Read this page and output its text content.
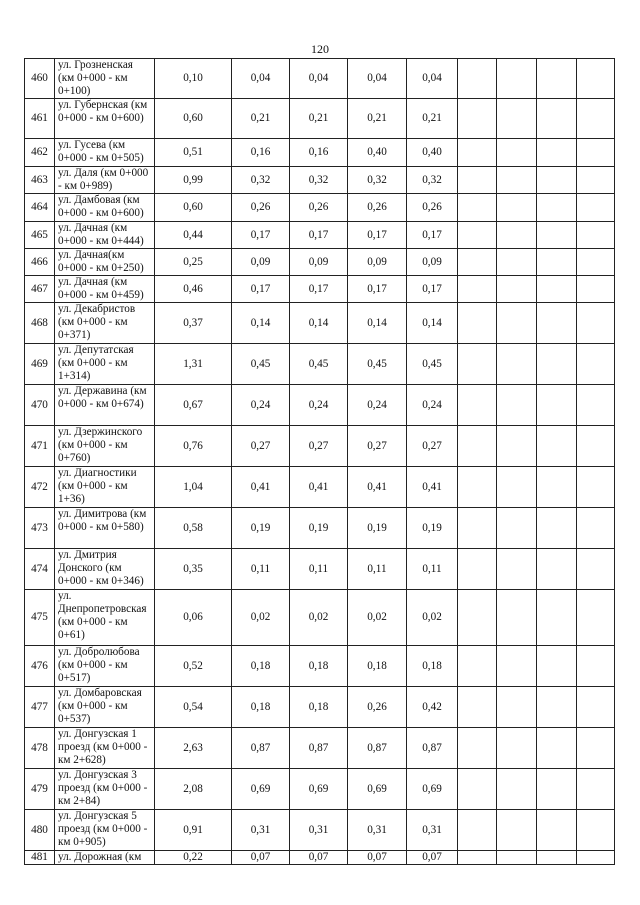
120
460	ул. Грозненская (км 0+000 - км 0+100)	0,10	0,04	0,04	0,04	0,04				
461	ул. Губернская (км 0+000 - км 0+600)	0,60	0,21	0,21	0,21	0,21				
462	ул. Гусева (км 0+000 - км 0+505)	0,51	0,16	0,16	0,40	0,40				
463	ул. Даля (км 0+000 - км 0+989)	0,99	0,32	0,32	0,32	0,32				
464	ул. Дамбовая (км 0+000 - км 0+600)	0,60	0,26	0,26	0,26	0,26				
465	ул. Дачная (км 0+000 - км 0+444)	0,44	0,17	0,17	0,17	0,17				
466	ул. Дачная(км 0+000 - км 0+250)	0,25	0,09	0,09	0,09	0,09				
467	ул. Дачная (км 0+000 - км 0+459)	0,46	0,17	0,17	0,17	0,17				
468	ул. Декабристов (км 0+000 - км 0+371)	0,37	0,14	0,14	0,14	0,14				
469	ул. Депутатская (км 0+000 - км 1+314)	1,31	0,45	0,45	0,45	0,45				
470	ул. Державина (км 0+000 - км 0+674)	0,67	0,24	0,24	0,24	0,24				
471	ул. Дзержинского (км 0+000 - км 0+760)	0,76	0,27	0,27	0,27	0,27				
472	ул. Диагностики (км 0+000 - км 1+36)	1,04	0,41	0,41	0,41	0,41				
473	ул. Димитрова (км 0+000 - км 0+580)	0,58	0,19	0,19	0,19	0,19				
474	ул. Дмитрия Донского (км 0+000 - км 0+346)	0,35	0,11	0,11	0,11	0,11				
475	ул. Днепропетровская (км 0+000 - км 0+61)	0,06	0,02	0,02	0,02	0,02				
476	ул. Добролюбова (км 0+000 - км 0+517)	0,52	0,18	0,18	0,18	0,18				
477	ул. Домбаровская (км 0+000 - км 0+537)	0,54	0,18	0,18	0,26	0,42				
478	ул. Донгузская 1 проезд (км 0+000 - км 2+628)	2,63	0,87	0,87	0,87	0,87				
479	ул. Донгузская 3 проезд (км 0+000 - км 2+84)	2,08	0,69	0,69	0,69	0,69				
480	ул. Донгузская 5 проезд (км 0+000 - км 0+905)	0,91	0,31	0,31	0,31	0,31				
481	ул. Дорожная (км	0,22	0,07	0,07	0,07	0,07				
